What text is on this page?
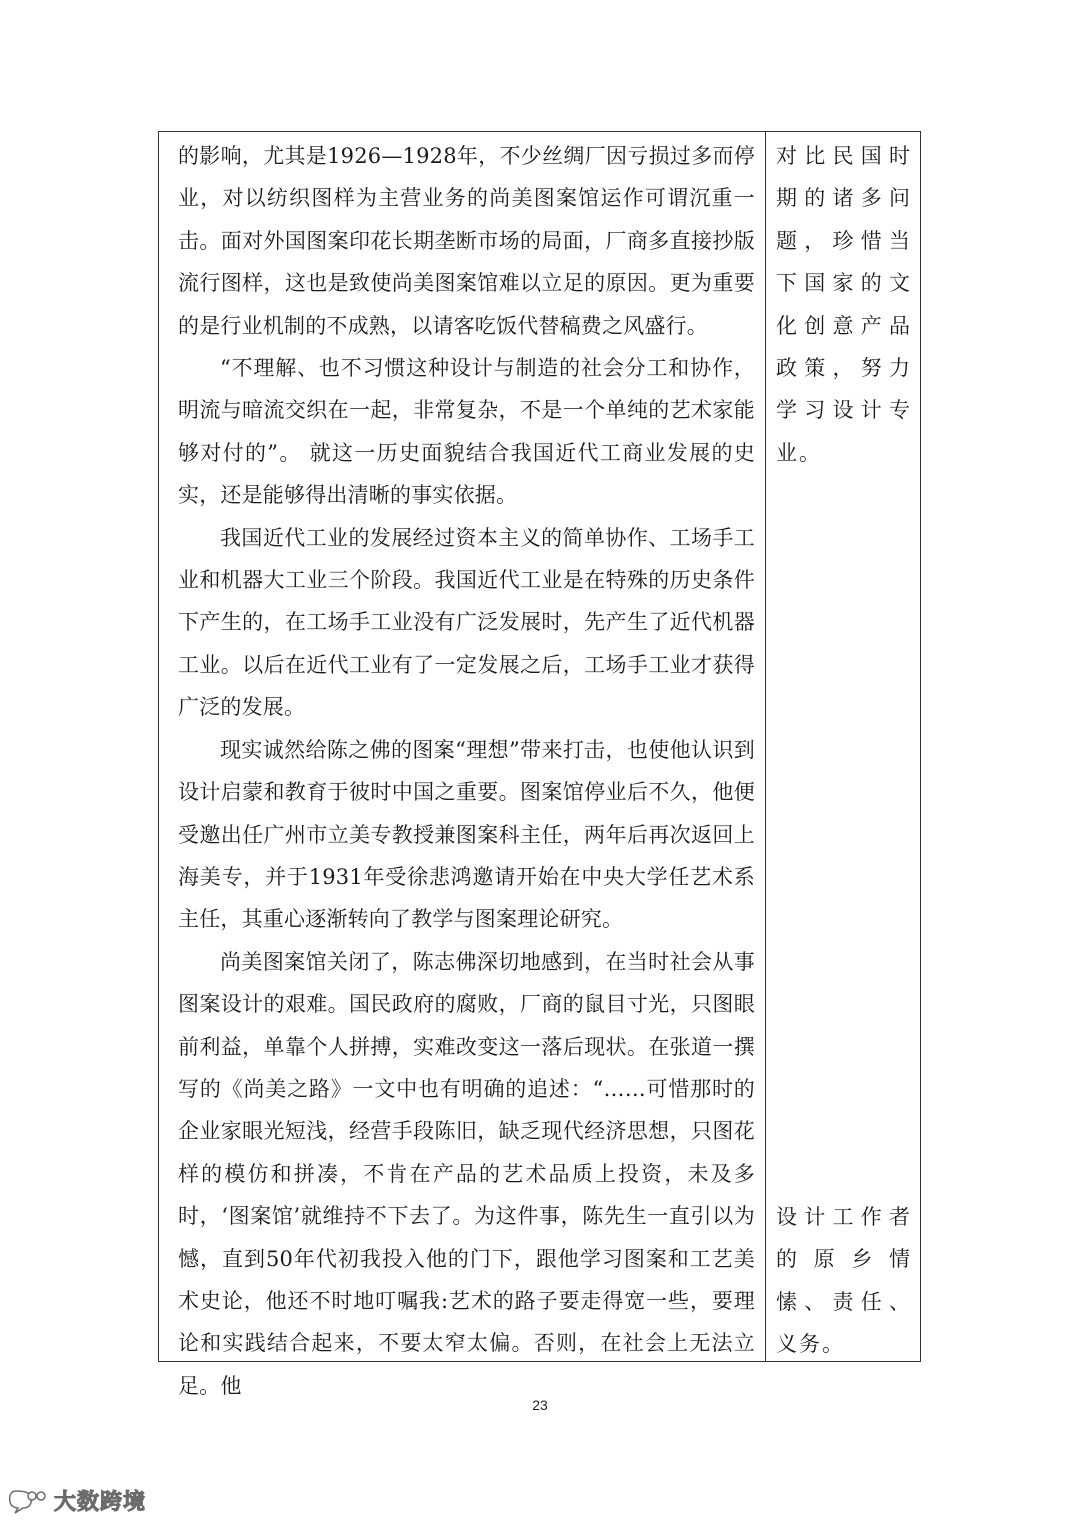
的影响，尤其是1926—1928年，不少丝绸厂因亏损过多而停业，对以纺织图样为主营业务的尚美图案馆运作可谓沉重一击。面对外国图案印花长期垄断市场的局面，厂商多直接抄版流行图样，这也是致使尚美图案馆难以立足的原因。更为重要的是行业机制的不成熟，以请客吃饭代替稿费之风盛行。

“不理解、也不习惯这种设计与制造的社会分工和协作，明流与暗流交织在一起，非常复杂，不是一个单纯的艺术家能够对付的”。 就这一历史面貌结合我国近代工商业发展的史实，还是能够得出清晰的事实依据。

我国近代工业的发展经过资本主义的简单协作、工场手工业和机器大工业三个阶段。我国近代工业是在特殊的历史条件下产生的，在工场手工业没有广泛发展时，先产生了近代机器工业。以后在近代工业有了一定发展之后，工场手工业才获得广泛的发展。

现实诚然给陈之佛的图案“理想”带来打击，也使他认识到设计启蒙和教育于彼时中国之重要。图案馆停业后不久，他便受邀出任广州市立美专教授兼图案科主任，两年后再次返回上海美专，并于1931年受徐悲鸿邀请开始在中央大学任艺术系主任，其重心逐渐转向了教学与图案理论研究。

尚美图案馆关闭了，陈志佛深切地感到，在当时社会从事图案设计的艰难。国民政府的腐败，厂商的鼠目寸光，只图眼前利益，单靠个人拼搏，实难改变这一落后现状。在张道一撰写的《尚美之路》一文中也有明确的追述：“……可惜那时的企业家眼光短浅，经营手段陈旧，缺乏现代经济思想，只图花样的模仿和拼凑，不肯在产品的艺术品质上投资，未及多时，‘图案馆’就维持不下去了。为这件事，陈先生一直引以为憾，直到50年代初我投入他的门下，跟他学习图案和工艺美术史论，他还不时地叮嘱我:艺术的路子要走得宽一些，要理论和实践结合起来，不要太窄太偏。否则，在社会上无法立足。他

对比民国时期的诸多问题，珍惜当下国家的文化创意产品政策，努力学习设计专业。

设计工作者的原乡情愫、责任、义务。

23
大数跨境
